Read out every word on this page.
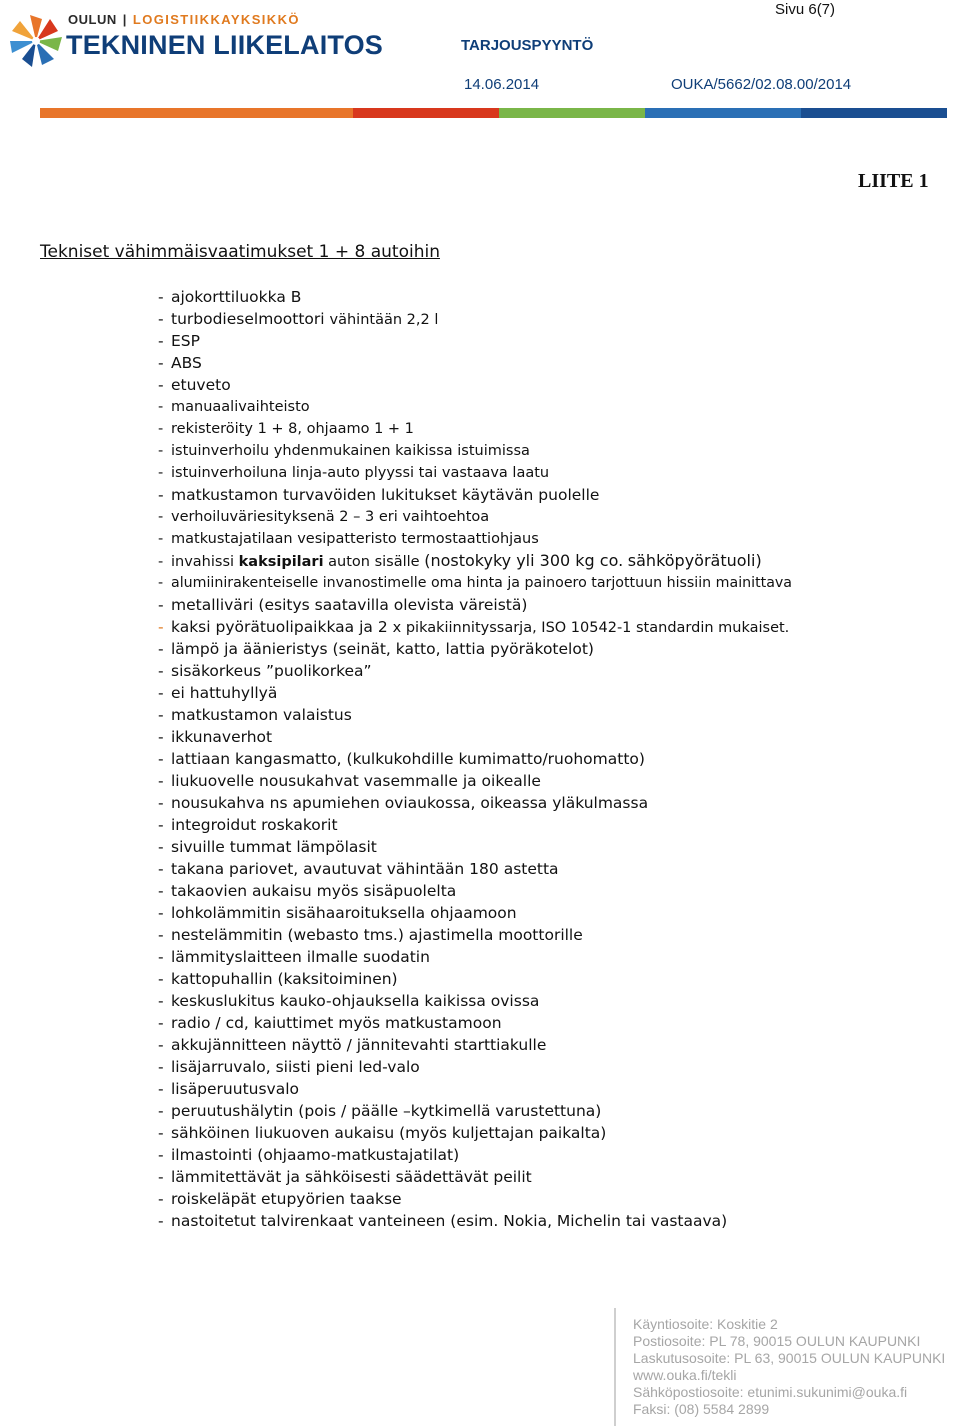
OULUN | LOGISTIIKKAYKSIKKÖ
TEKNINEN LIIKELAITOS	TARJOUSPYYNTÖ
Sivu 6(7)
14.06.2014	OUKA/5662/02.08.00/2014
LIITE 1
Tekniset vähimmäisvaatimukset 1 + 8 autoihin
- ajokorttiluokka B
- turbodieselmoottori vähintään 2,2 l
- ESP
- ABS
- etuveto
- manuaalivaihteisto
- rekisteröity 1 + 8, ohjaamo 1 + 1
- istuinverhoilu yhdenmukainen kaikissa istuimissa
- istuinverhoiluna linja-auto plyyssi tai vastaava laatu
- matkustamon turvavöiden lukitukset käytävän puolelle
- verhoiluväriesityksenä 2 – 3 eri vaihtoehtoa
- matkustajatilaan vesipatteristo termostaattiohjaus
- invahissi kaksipilari auton sisälle (nostokyky yli 300 kg co. sähköpyörätuoli)
- alumiinirakenteiselle invanostimelle oma hinta ja painoero tarjottuun hissiin mainittava
- metalliväri (esitys saatavilla olevista väreistä)
- kaksi pyörätuolipaikkaa ja 2 x pikakiinnityssarja, ISO 10542-1 standardin mukaiset.
- lämpö ja äänieristys (seinät, katto, lattia pyöräkotelot)
- sisäkorkeus ”puolikorkea”
- ei hattuhyllyä
- matkustamon valaistus
- ikkunaverhot
- lattiaan kangasmatto, (kulkukohdille kumimatto/ruohomatto)
- liukuovelle nousukahvat vasemmalle ja oikealle
- nousukahva ns apumiehen oviaukossa, oikeassa yläkulmassa
- integroidut roskakorit
- sivuille tummat lämpölasit
- takana pariovet, avautuvat vähintään 180 astetta
- takaovien aukaisu myös sisäpuolelta
- lohkolämmitin sisähaaroituksella ohjaamoon
- nestelämmitin (webasto tms.) ajastimella moottorille
- lämmityslaitteen ilmalle suodatin
- kattopuhallin (kaksitoiminen)
- keskuslukitus kauko-ohjauksella kaikissa ovissa
- radio / cd, kaiuttimet myös matkustamoon
- akkujännitteen näyttö / jännitevahti starttiakulle
- lisäjarruvalo, siisti pieni led-valo
- lisäperuutusvalo
- peruutushälytin (pois / päälle –kytkimellä varustettuna)
- sähköinen liukuoven aukaisu (myös kuljettajan paikalta)
- ilmastointi (ohjaamo-matkustajatilat)
- lämmitettävät ja sähköisesti säädettävät peilit
- roiskeläpät etupyörien taakse
- nastoitetut talvirenkaat vanteineen (esim. Nokia, Michelin tai vastaava)
Käyntiosoite: Koskitie 2
Postiosoite: PL 78, 90015 OULUN KAUPUNKI
Laskutusosoite: PL 63, 90015 OULUN KAUPUNKI
www.ouka.fi/tekli
Sähköpostiosoite: etunimi.sukunimi@ouka.fi
Faksi: (08) 5584 2899
